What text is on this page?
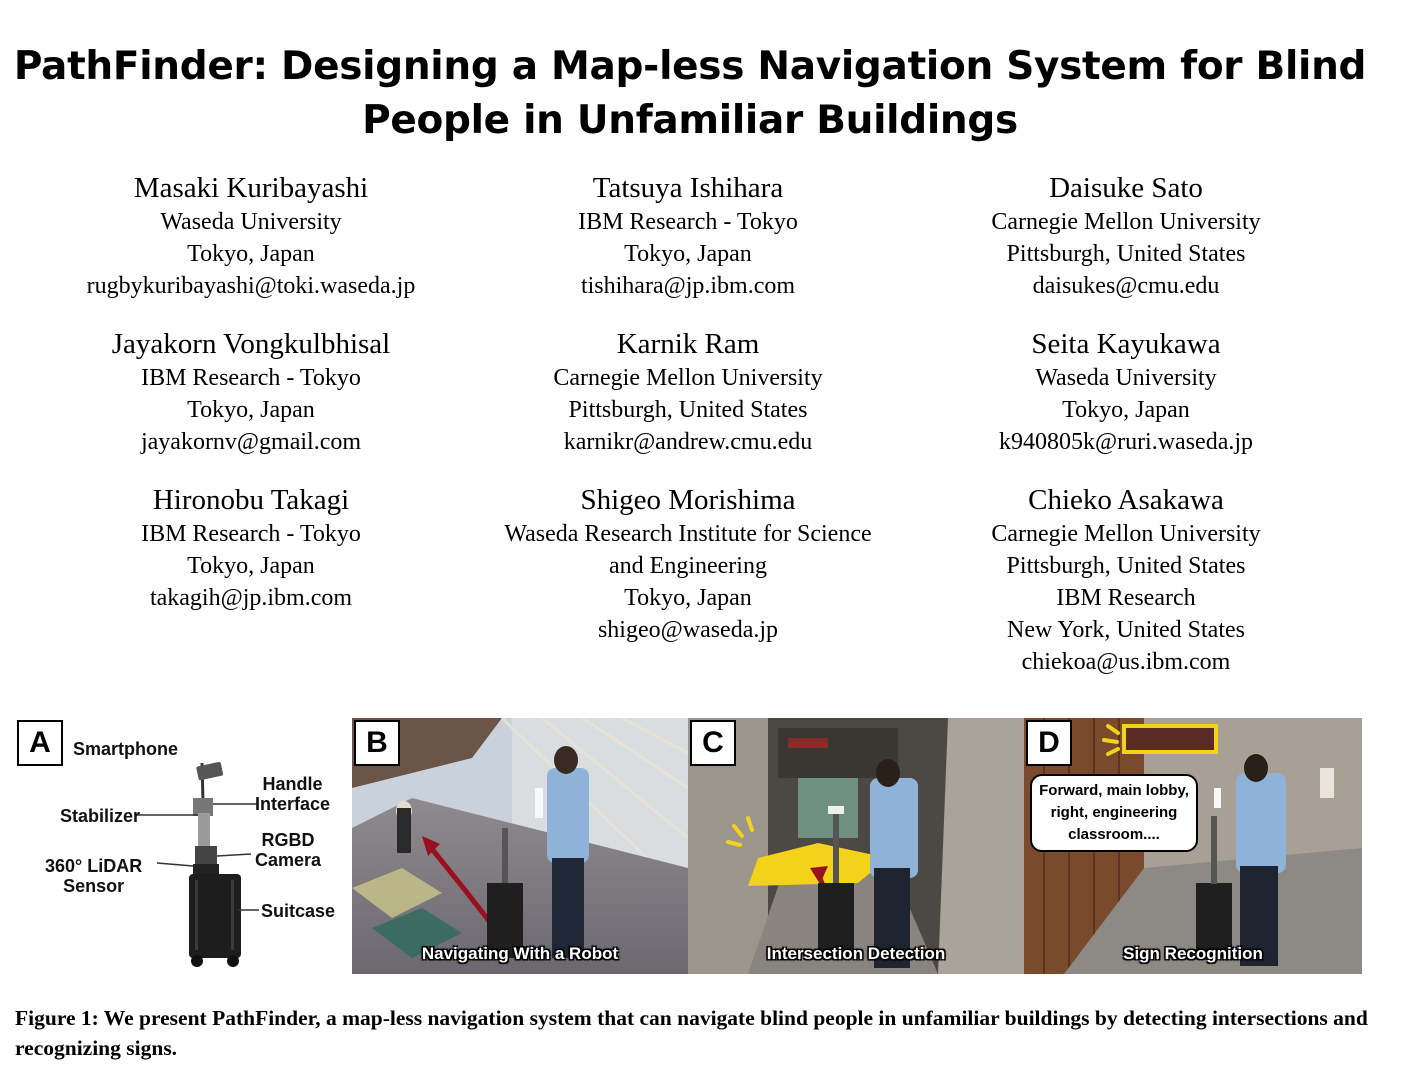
PathFinder: Designing a Map-less Navigation System for Blind
People in Unfamiliar Buildings
Masaki Kuribayashi
Waseda University
Tokyo, Japan
rugbykuribayashi@toki.waseda.jp
Tatsuya Ishihara
IBM Research - Tokyo
Tokyo, Japan
tishihara@jp.ibm.com
Daisuke Sato
Carnegie Mellon University
Pittsburgh, United States
daisukes@cmu.edu
Jayakorn Vongkulbhisal
IBM Research - Tokyo
Tokyo, Japan
jayakornv@gmail.com
Karnik Ram
Carnegie Mellon University
Pittsburgh, United States
karnikr@andrew.cmu.edu
Seita Kayukawa
Waseda University
Tokyo, Japan
k940805k@ruri.waseda.jp
Hironobu Takagi
IBM Research - Tokyo
Tokyo, Japan
takagih@jp.ibm.com
Shigeo Morishima
Waseda Research Institute for Science
and Engineering
Tokyo, Japan
shigeo@waseda.jp
Chieko Asakawa
Carnegie Mellon University
Pittsburgh, United States
IBM Research
New York, United States
chiekoa@us.ibm.com
A	Smartphone
Handle
Interface
Stabilizer
RGBD
Camera
360° LiDAR
Sensor
Suitcase
B
Navigating With a Robot
C
Intersection Detection
D
Forward, main lobby, right, engineering classroom....
Sign Recognition
Figure 1: We present PathFinder, a map-less navigation system that can navigate blind people in unfamiliar buildings by detecting intersections and recognizing signs.
